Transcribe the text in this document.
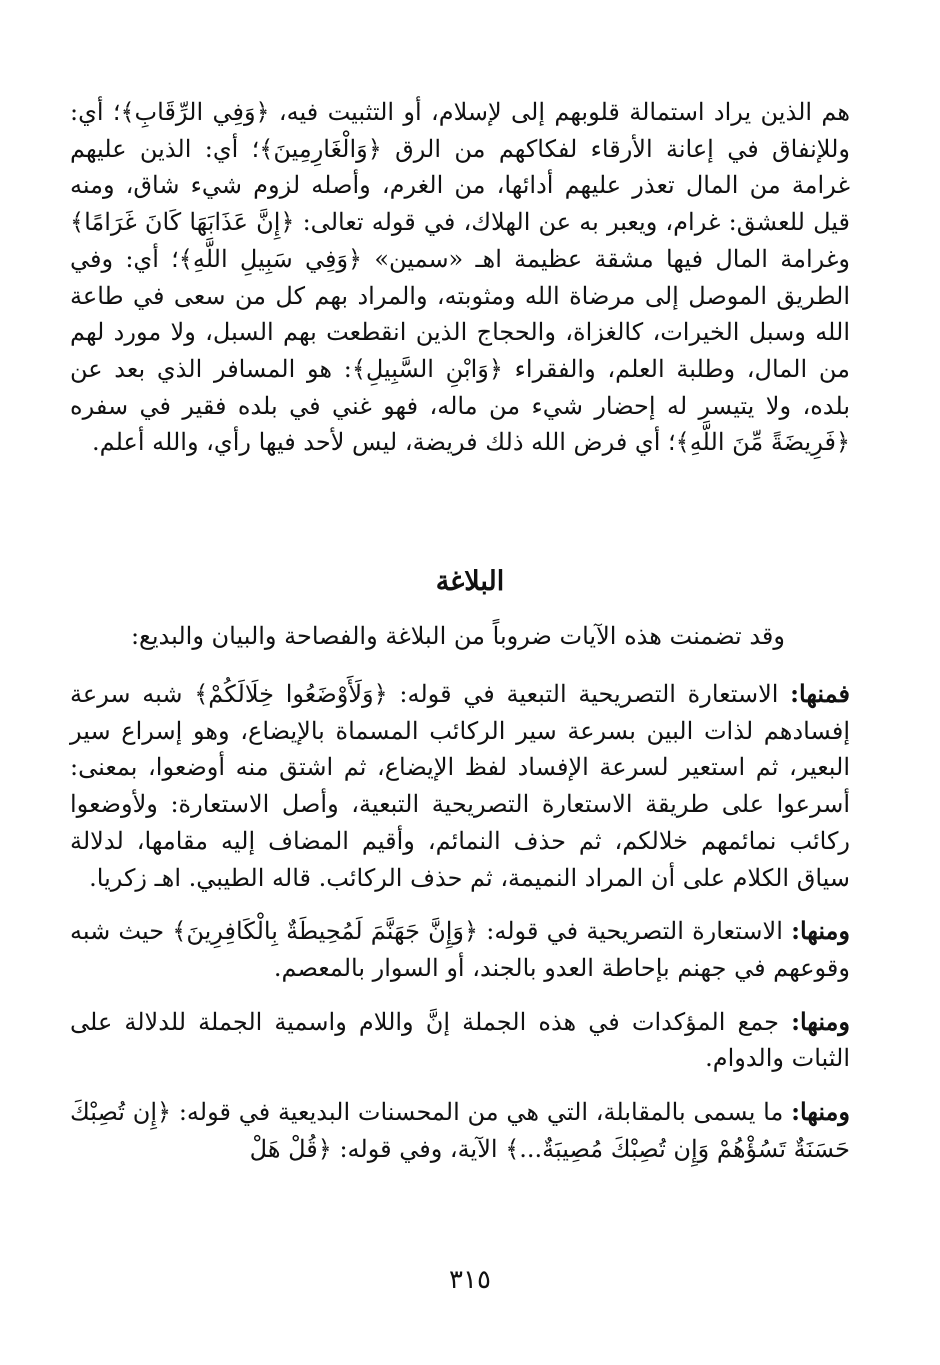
هم الذين يراد استمالة قلوبهم إلى لإسلام، أو التثبيت فيه، ﴿وَفِي الرِّقَابِ﴾؛ أي: وللإنفاق في إعانة الأرقاء لفكاكهم من الرق ﴿وَالْغَارِمِينَ﴾؛ أي: الذين عليهم غرامة من المال تعذر عليهم أدائها، من الغرم، وأصله لزوم شيء شاق، ومنه قيل للعشق: غرام، ويعبر به عن الهلاك، في قوله تعالى: ﴿إِنَّ عَذَابَهَا كَانَ غَرَامًا﴾ وغرامة المال فيها مشقة عظيمة اهـ «سمين» ﴿وَفِي سَبِيلِ اللَّهِ﴾؛ أي: وفي الطريق الموصل إلى مرضاة الله ومثوبته، والمراد بهم كل من سعى في طاعة الله وسبل الخيرات، كالغزاة، والحجاج الذين انقطعت بهم السبل، ولا مورد لهم من المال، وطلبة العلم، والفقراء ﴿وَابْنِ السَّبِيلِ﴾: هو المسافر الذي بعد عن بلده، ولا يتيسر له إحضار شيء من ماله، فهو غني في بلده فقير في سفره ﴿فَرِيضَةً مِّنَ اللَّهِ﴾؛ أي فرض الله ذلك فريضة، ليس لأحد فيها رأي، والله أعلم.

البلاغة
وقد تضمنت هذه الآيات ضروباً من البلاغة والفصاحة والبيان والبديع:

فمنها: الاستعارة التصريحية التبعية في قوله: ﴿وَلَأَوْضَعُوا خِلَالَكُمْ﴾ شبه سرعة إفسادهم لذات البين بسرعة سير الركائب المسماة بالإيضاع، وهو إسراع سير البعير، ثم استعير لسرعة الإفساد لفظ الإيضاع، ثم اشتق منه أوضعوا، بمعنى: أسرعوا على طريقة الاستعارة التصريحية التبعية، وأصل الاستعارة: ولأوضعوا ركائب نمائمهم خلالكم، ثم حذف النمائم، وأقيم المضاف إليه مقامها، لدلالة سياق الكلام على أن المراد النميمة، ثم حذف الركائب. قاله الطيبي. اهـ زكريا.

ومنها: الاستعارة التصريحية في قوله: ﴿وَإِنَّ جَهَنَّمَ لَمُحِيطَةٌ بِالْكَافِرِينَ﴾ حيث شبه وقوعهم في جهنم بإحاطة العدو بالجند، أو السوار بالمعصم.

ومنها: جمع المؤكدات في هذه الجملة إنَّ واللام واسمية الجملة للدلالة على الثبات والدوام.

ومنها: ما يسمى بالمقابلة، التي هي من المحسنات البديعية في قوله: ﴿إِن تُصِبْكَ حَسَنَةٌ تَسُؤْهُمْ وَإِن تُصِبْكَ مُصِيبَةٌ...﴾ الآية، وفي قوله: ﴿قُلْ هَلْ

٣١٥
